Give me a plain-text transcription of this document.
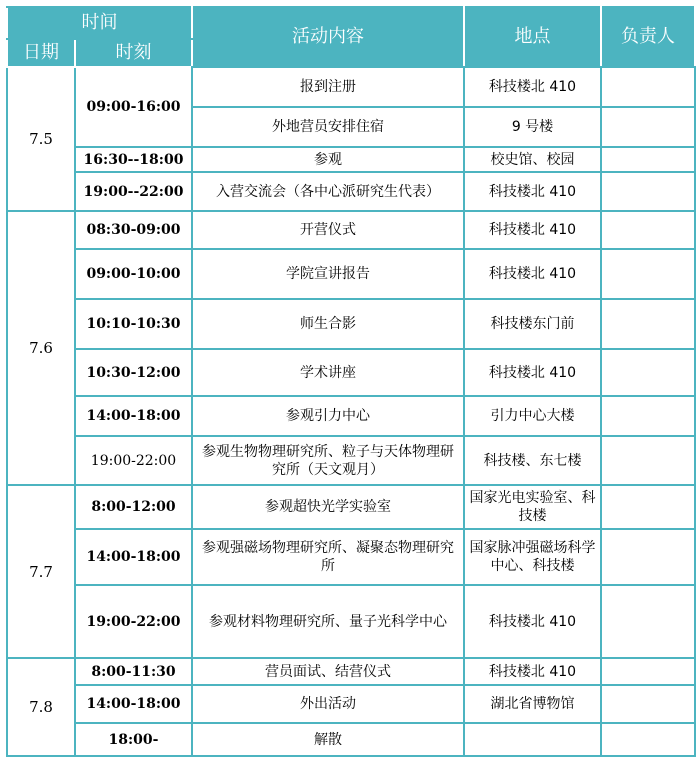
时间		活动内容	地点	负责人
日期	时刻			
7.5	09:00-16:00	报到注册	科技楼北 410	
		外地营员安排住宿	9 号楼	
	16:30--18:00	参观	校史馆、校园	
	19:00--22:00	入营交流会（各中心派研究生代表）	科技楼北 410	
7.6	08:30-09:00	开营仪式	科技楼北 410	
	09:00-10:00	学院宣讲报告	科技楼北 410	
	10:10-10:30	师生合影	科技楼东门前	
	10:30-12:00	学术讲座	科技楼北 410	
	14:00-18:00	参观引力中心	引力中心大楼	
	19:00-22:00	参观生物物理研究所、粒子与天体物理研究所（天文观月）	科技楼、东七楼	
7.7	8:00-12:00	参观超快光学实验室	国家光电实验室、科技楼	
	14:00-18:00	参观强磁场物理研究所、凝聚态物理研究所	国家脉冲强磁场科学中心、科技楼	
	19:00-22:00	参观材料物理研究所、量子光科学中心	科技楼北 410	
7.8	8:00-11:30	营员面试、结营仪式	科技楼北 410	
	14:00-18:00	外出活动	湖北省博物馆	
	18:00-	解散		
